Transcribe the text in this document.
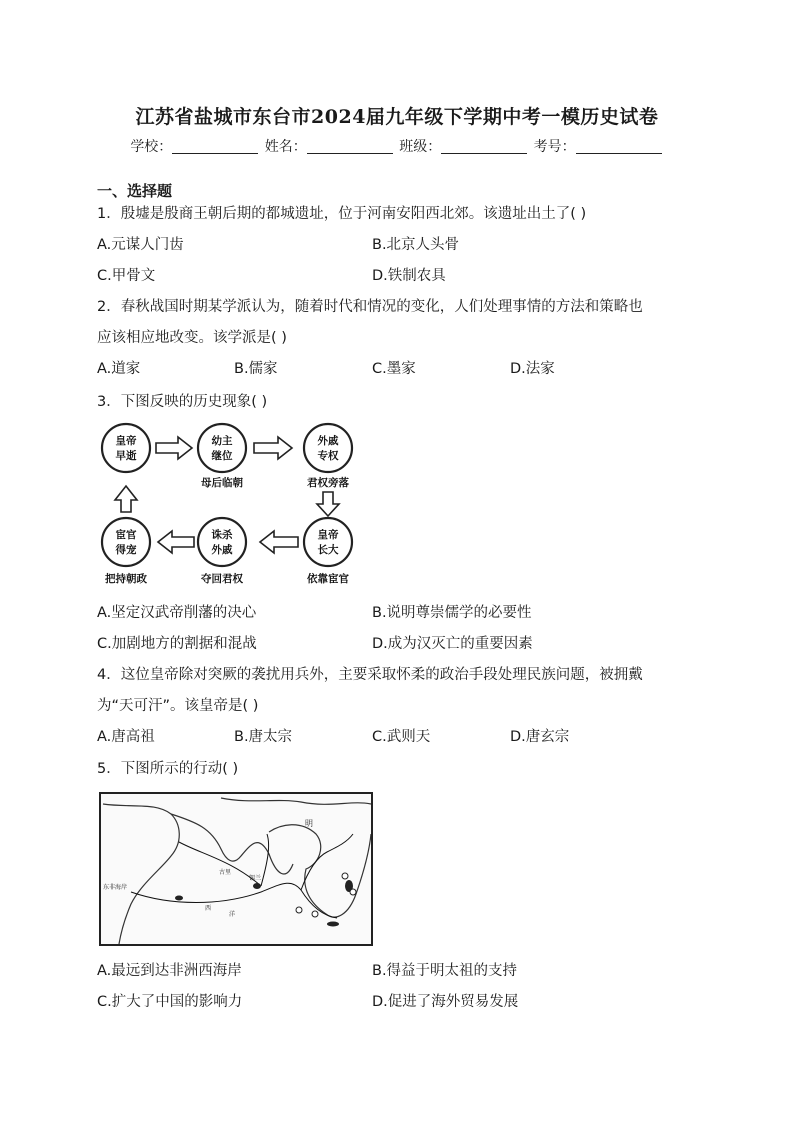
江苏省盐城市东台市2024届九年级下学期中考一模历史试卷
学校：	姓名：	班级：	考号：
一、选择题
1．殷墟是殷商王朝后期的都城遗址，位于河南安阳西北郊。该遗址出土了( )
A.元谋人门齿	B.北京人头骨
C.甲骨文	D.铁制农具
2．春秋战国时期某学派认为，随着时代和情况的变化，人们处理事情的方法和策略也
应该相应地改变。该学派是( )
A.道家	B.儒家	C.墨家	D.法家
3．下图反映的历史现象( )
皇帝
早逝
幼主
继位
母后临朝
外戚
专权
君权旁落
皇帝
长大
依靠宦官
诛杀
外戚
夺回君权
宦官
得宠
把持朝政
A.坚定汉武帝削藩的决心	B.说明尊崇儒学的必要性
C.加剧地方的割据和混战	D.成为汉灭亡的重要因素
4．这位皇帝除对突厥的袭扰用兵外，主要采取怀柔的政治手段处理民族问题，被拥戴
为“天可汗”。该皇帝是( )
A.唐高祖	B.唐太宗	C.武则天	D.唐玄宗
5．下图所示的行动( )
明
东非海岸
古里
锡兰
西
洋
A.最远到达非洲西海岸	B.得益于明太祖的支持
C.扩大了中国的影响力	D.促进了海外贸易发展
